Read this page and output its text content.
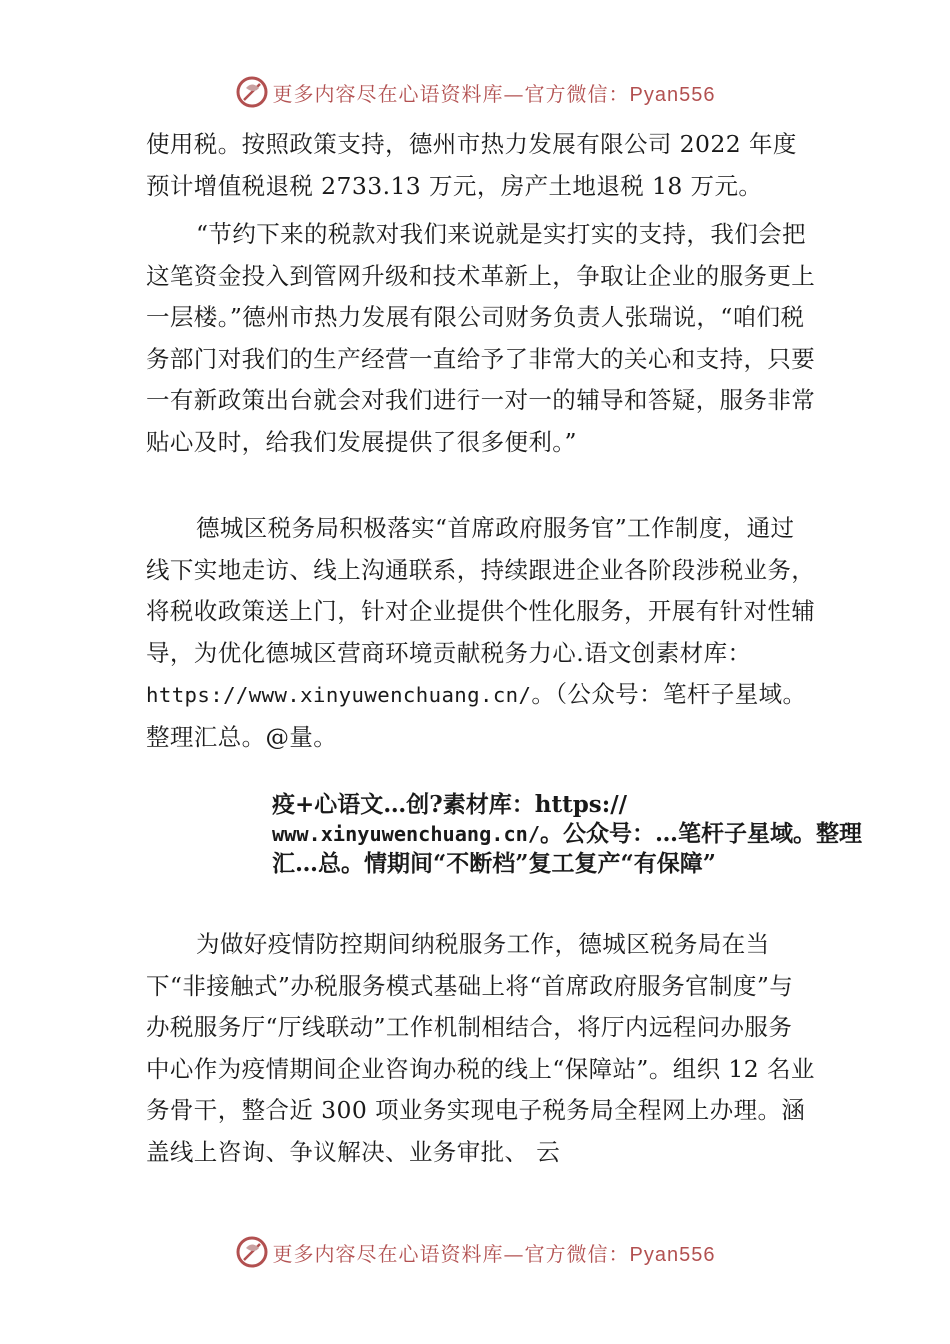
更多内容尽在心语资料库—官方微信：Pyan556

使用税。按照政策支持，德州市热力发展有限公司 2022 年度预计增值税退税 2733.13 万元，房产土地退税 18 万元。

“节约下来的税款对我们来说就是实打实的支持，我们会把这笔资金投入到管网升级和技术革新上，争取让企业的服务更上一层楼。”德州市热力发展有限公司财务负责人张瑞说，“咱们税务部门对我们的生产经营一直给予了非常大的关心和支持，只要一有新政策出台就会对我们进行一对一的辅导和答疑，服务非常贴心及时，给我们发展提供了很多便利。”

德城区税务局积极落实“首席政府服务官”工作制度，通过线下实地走访、线上沟通联系，持续跟进企业各阶段涉税业务，将税收政策送上门，针对企业提供个性化服务，开展有针对性辅导，为优化德城区营商环境贡献税务力心.语文创素材库：https://www.xinyuwenchuang.cn/。（公众号：笔杆子星域。整理汇总。@量。

疫+心语文…创?素材库：https://
www.xinyuwenchuang.cn/。公众号：…笔杆子星域。整理汇…总。情期间“不断档”复工复产“有保障”

为做好疫情防控期间纳税服务工作，德城区税务局在当下“非接触式”办税服务模式基础上将“首席政府服务官制度”与办税服务厅“厅线联动”工作机制相结合，将厅内远程问办服务中心作为疫情期间企业咨询办税的线上“保障站”。组织 12 名业务骨干，整合近 300 项业务实现电子税务局全程网上办理。涵盖线上咨询、争议解决、业务审批、 云

更多内容尽在心语资料库—官方微信：Pyan556
